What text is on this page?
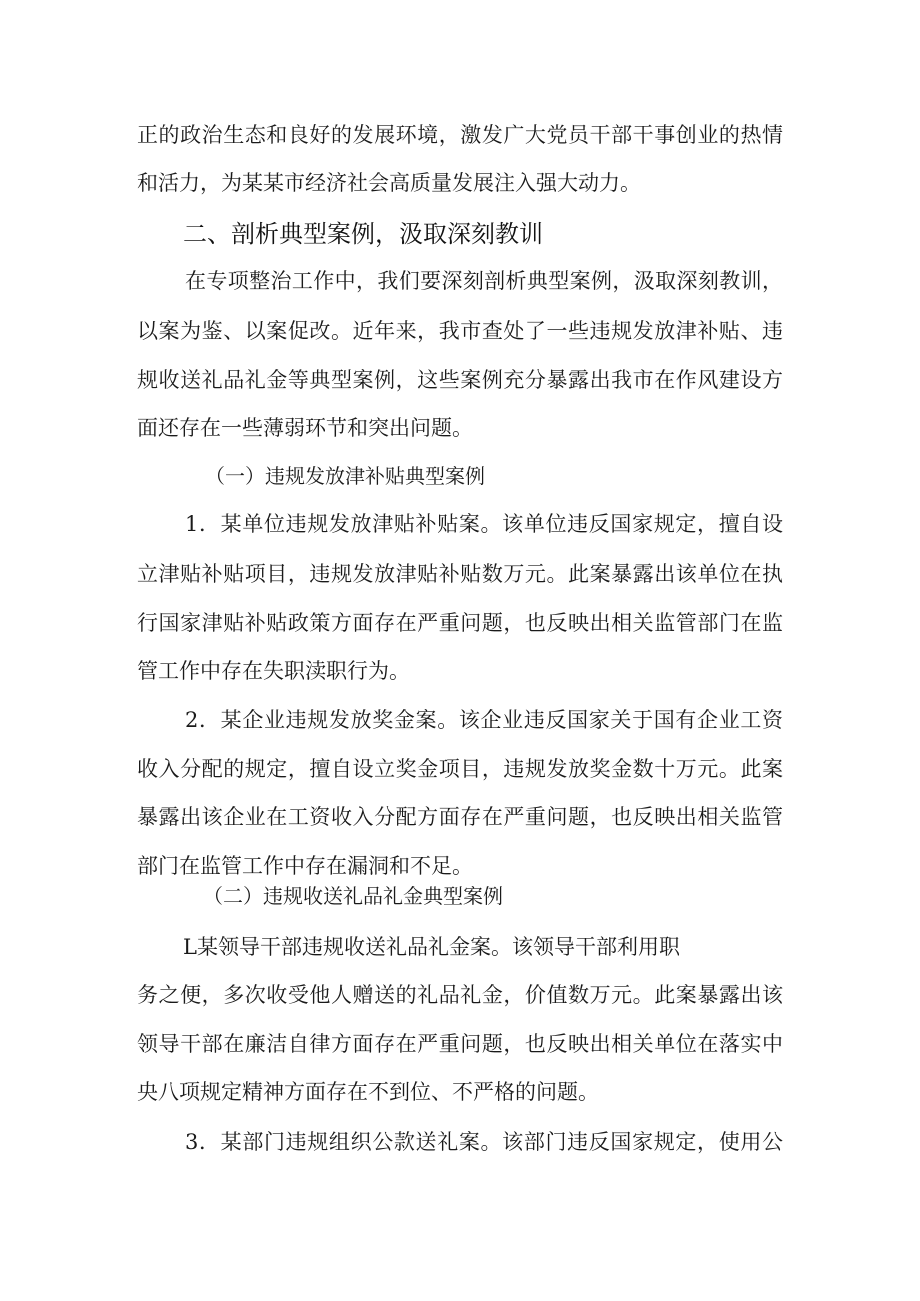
正的政治生态和良好的发展环境，激发广大党员干部干事创业的热情

和活力，为某某市经济社会高质量发展注入强大动力。

二、剖析典型案例，汲取深刻教训

在专项整治工作中，我们要深刻剖析典型案例，汲取深刻教训，

以案为鉴、以案促改。近年来，我市查处了一些违规发放津补贴、违

规收送礼品礼金等典型案例，这些案例充分暴露出我市在作风建设方

面还存在一些薄弱环节和突出问题。

（一）违规发放津补贴典型案例

1．某单位违规发放津贴补贴案。该单位违反国家规定，擅自设

立津贴补贴项目，违规发放津贴补贴数万元。此案暴露出该单位在执

行国家津贴补贴政策方面存在严重问题，也反映出相关监管部门在监

管工作中存在失职渎职行为。

2．某企业违规发放奖金案。该企业违反国家关于国有企业工资

收入分配的规定，擅自设立奖金项目，违规发放奖金数十万元。此案

暴露出该企业在工资收入分配方面存在严重问题，也反映出相关监管

部门在监管工作中存在漏洞和不足。

（二）违规收送礼品礼金典型案例

L某领导干部违规收送礼品礼金案。该领导干部利用职

务之便，多次收受他人赠送的礼品礼金，价值数万元。此案暴露出该

领导干部在廉洁自律方面存在严重问题，也反映出相关单位在落实中

央八项规定精神方面存在不到位、不严格的问题。

3．某部门违规组织公款送礼案。该部门违反国家规定，使用公
